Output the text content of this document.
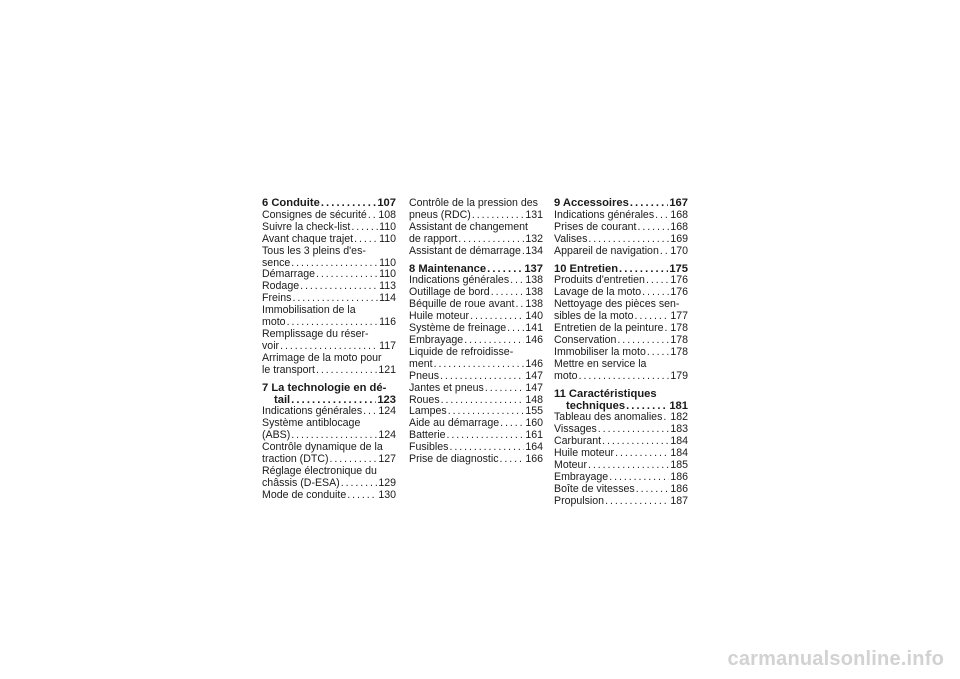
6 Conduite . . .	107
Consignes de sécurité . . . 108
Suivre la check-list . . .	110
Avant chaque trajet . . . 110
Tous les 3 pleins d'es-
sence . . .	110
Démarrage . . .	110
Rodage . . .	113
Freins . . .	114
Immobilisation de la
moto . . .	116
Remplissage du réser-
voir . . .	117
Arrimage de la moto pour
le transport . . .	121
7 La technologie en dé-
tail . . .	123
Indications générales . . . 124
Système antiblocage
(ABS) . . .	124
Contrôle dynamique de la
traction (DTC) . . .	127
Réglage électronique du
châssis (D-ESA) . . .	129
Mode de conduite . . .	130
Contrôle de la pression des
pneus (RDC) . . .	131
Assistant de changement
de rapport . . .	132
Assistant de démarrage . . . 134
8 Maintenance . . .	137
Indications générales . . . 138
Outillage de bord . . .	138
Béquille de roue avant . . . 138
Huile moteur . . .	140
Système de freinage . . . 141
Embrayage . . .	146
Liquide de refroidisse-
ment . . .	146
Pneus . . .	147
Jantes et pneus . . .	147
Roues . . .	148
Lampes . . .	155
Aide au démarrage . . . 160
Batterie . . .	161
Fusibles . . .	164
Prise de diagnostic . . .	166
9 Accessoires . . .	167
Indications générales . . . 168
Prises de courant . . .	168
Valises . . .	169
Appareil de navigation . . . 170
10 Entretien . . .	175
Produits d'entretien . . . 176
Lavage de la moto . . .	176
Nettoyage des pièces sen-
sibles de la moto . . .	177
Entretien de la peinture . . . 178
Conservation . . .	178
Immobiliser la moto . . . 178
Mettre en service la
moto . . .	179
11 Caractéristiques
techniques . . .	181
Tableau des anomalies . . . 182
Vissages . . .	183
Carburant . . .	184
Huile moteur . . .	184
Moteur . . .	185
Embrayage . . .	186
Boîte de vitesses . . .	186
Propulsion . . .	187
carmanualsonline.info
